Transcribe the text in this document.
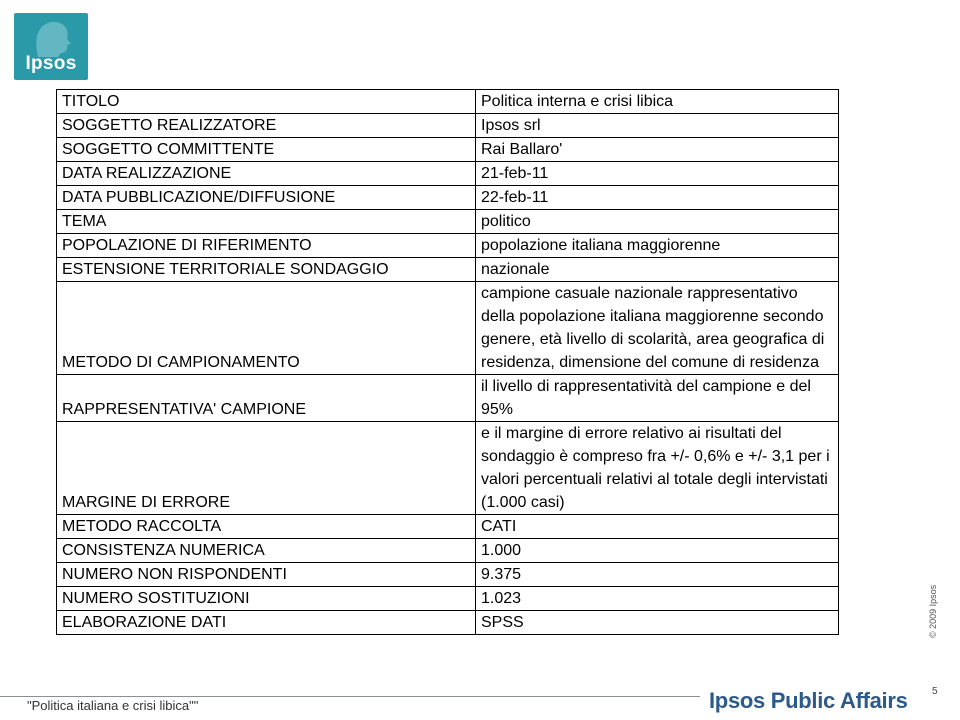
Ipsos
TITOLO	Politica interna e crisi libica
SOGGETTO REALIZZATORE	Ipsos srl
SOGGETTO COMMITTENTE	Rai Ballaro'
DATA REALIZZAZIONE	21-feb-11
DATA PUBBLICAZIONE/DIFFUSIONE	22-feb-11
TEMA	politico
POPOLAZIONE DI RIFERIMENTO	popolazione italiana maggiorenne
ESTENSIONE TERRITORIALE SONDAGGIO	nazionale
METODO DI CAMPIONAMENTO	campione casuale nazionale rappresentativo della popolazione italiana maggiorenne secondo genere, età livello di scolarità, area geografica di residenza, dimensione del comune di residenza
RAPPRESENTATIVA' CAMPIONE	il livello di rappresentatività del campione e del 95%
MARGINE DI ERRORE	e il margine di errore relativo ai risultati del sondaggio è compreso fra +/- 0,6% e +/- 3,1 per i valori percentuali relativi al totale degli intervistati (1.000 casi)
METODO RACCOLTA	CATI
CONSISTENZA NUMERICA	1.000
NUMERO NON RISPONDENTI	9.375
NUMERO SOSTITUZIONI	1.023
ELABORAZIONE DATI	SPSS	© 2009 Ipsos
5
"Politica italiana e crisi libica""	Ipsos Public Affairs
